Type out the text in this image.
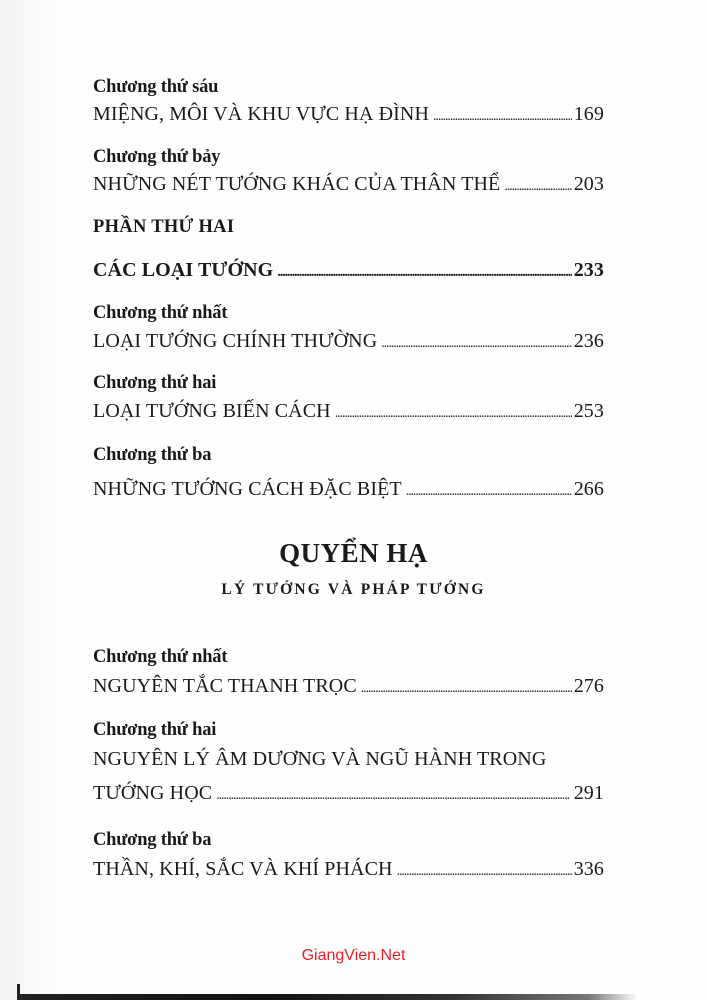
Chương thứ sáu
MIỆNG, MÔI VÀ KHU VỰC HẠ ĐÌNH . . .	169
Chương thứ bảy
NHỮNG NÉT TƯỚNG KHÁC CỦA THÂN THỂ . . .	203
PHẦN THỨ HAI
CÁC LOẠI TƯỚNG . . .	233
Chương thứ nhất
LOẠI TƯỚNG CHÍNH THƯỜNG . . .	236
Chương thứ hai
LOẠI TƯỚNG BIẾN CÁCH . . .	253
Chương thứ ba
NHỮNG TƯỚNG CÁCH ĐẶC BIỆT . . .	266
QUYỂN HẠ
LÝ TƯỚNG VÀ PHÁP TƯỚNG
Chương thứ nhất
NGUYÊN TẮC THANH TRỌC . . .	276
Chương thứ hai
NGUYÊN LÝ ÂM DƯƠNG VÀ NGŨ HÀNH TRONG
TƯỚNG HỌC . . .	291
Chương thứ ba
THẦN, KHÍ, SẮC VÀ KHÍ PHÁCH . . .	336
GiangVien.Net
